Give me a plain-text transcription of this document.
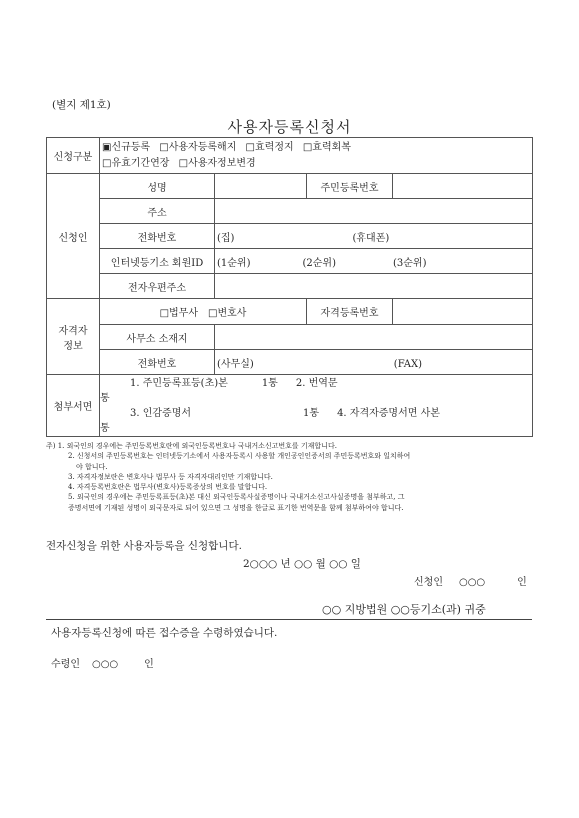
(별지 제1호)
사용자등록신청서
신청구분	▣신규등록 □사용자등록해지 □효력정지 □효력회복
□유효기간연장 □사용자정보변경			

신청인	성명		주민등록번호	
	주소			
	전화번호	(집) (휴대폰)		
	인터넷등기소 회원ID	(1순위) (2순위) (3순위)		
	전자우편주소			

자격자
정보	□법무사 □변호사		자격등록번호	
	사무소 소재지			
	전화번호	(사무실) (FAX)		
첨부서면	1. 주민등록표등(초)본 1통 2. 번역문
통
3. 인감증명서 1통 4. 자격자증명서면 사본
통			
주) 1. 외국인의 경우에는 주민등록번호란에 외국인등록번호나 국내거소신고번호를 기재합니다.
2. 신청서의 주민등록번호는 인터넷등기소에서 사용자등록시 사용할 개인공인인증서의 주민등록번호와 일치하여
야 합니다.
3. 자격자정보란은 변호사나 법무사 등 자격자대리인만 기재합니다.
4. 자격등록번호란은 법무사(변호사)등록증상의 번호를 말합니다.
5. 외국인의 경우에는 주민등록표등(초)본 대신 외국인등록사실증명이나 국내거소신고사실증명을 첨부하고, 그
증명서면에 기재된 성명이 외국문자로 되어 있으면 그 성명을 한글로 표기한 번역문을 함께 첨부하여야 합니다.
전자신청을 위한 사용자등록을 신청합니다.
2○○○ 년 ○○ 월 ○○ 일
신청인 ○○○	인
○○ 지방법원 ○○등기소(과) 귀중
사용자등록신청에 따른 접수증을 수령하였습니다.
수령인 ○○○	인
